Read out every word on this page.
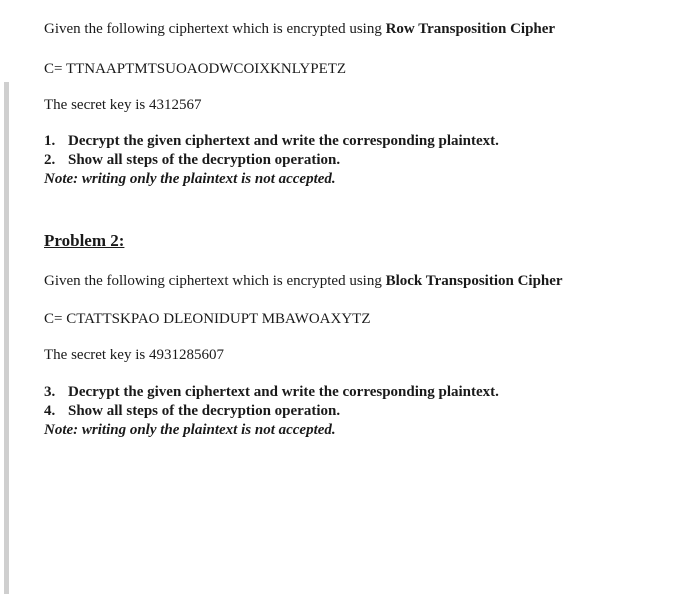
Given the following ciphertext which is encrypted using Row Transposition Cipher
C= TTNAAPTMTSUOAODWCOIXKNLYPETZ
The secret key is 4312567
1. Decrypt the given ciphertext and write the corresponding plaintext.
2. Show all steps of the decryption operation.
Note: writing only the plaintext is not accepted.
Problem 2:
Given the following ciphertext which is encrypted using Block Transposition Cipher
C= CTATTSKPAO DLEONIDUPT MBAWOAXYTZ
The secret key is 4931285607
3. Decrypt the given ciphertext and write the corresponding plaintext.
4. Show all steps of the decryption operation.
Note: writing only the plaintext is not accepted.
